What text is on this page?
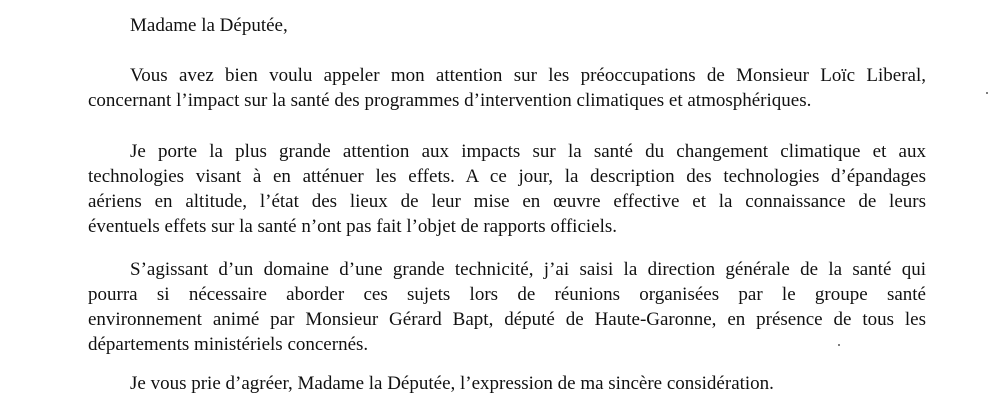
Madame la Députée,
Vous avez bien voulu appeler mon attention sur les préoccupations de Monsieur Loïc Liberal,
concernant l’impact sur la santé des programmes d’intervention climatiques et atmosphériques.
Je porte la plus grande attention aux impacts sur la santé du changement climatique et aux
technologies visant à en atténuer les effets. A ce jour, la description des technologies d’épandages
aériens en altitude, l’état des lieux de leur mise en œuvre effective et la connaissance de leurs
éventuels effets sur la santé n’ont pas fait l’objet de rapports officiels.
S’agissant d’un domaine d’une grande technicité, j’ai saisi la direction générale de la santé qui
pourra si nécessaire aborder ces sujets lors de réunions organisées par le groupe santé
environnement animé par Monsieur Gérard Bapt, député de Haute-Garonne, en présence de tous les
départements ministériels concernés.
Je vous prie d’agréer, Madame la Députée, l’expression de ma sincère considération.
